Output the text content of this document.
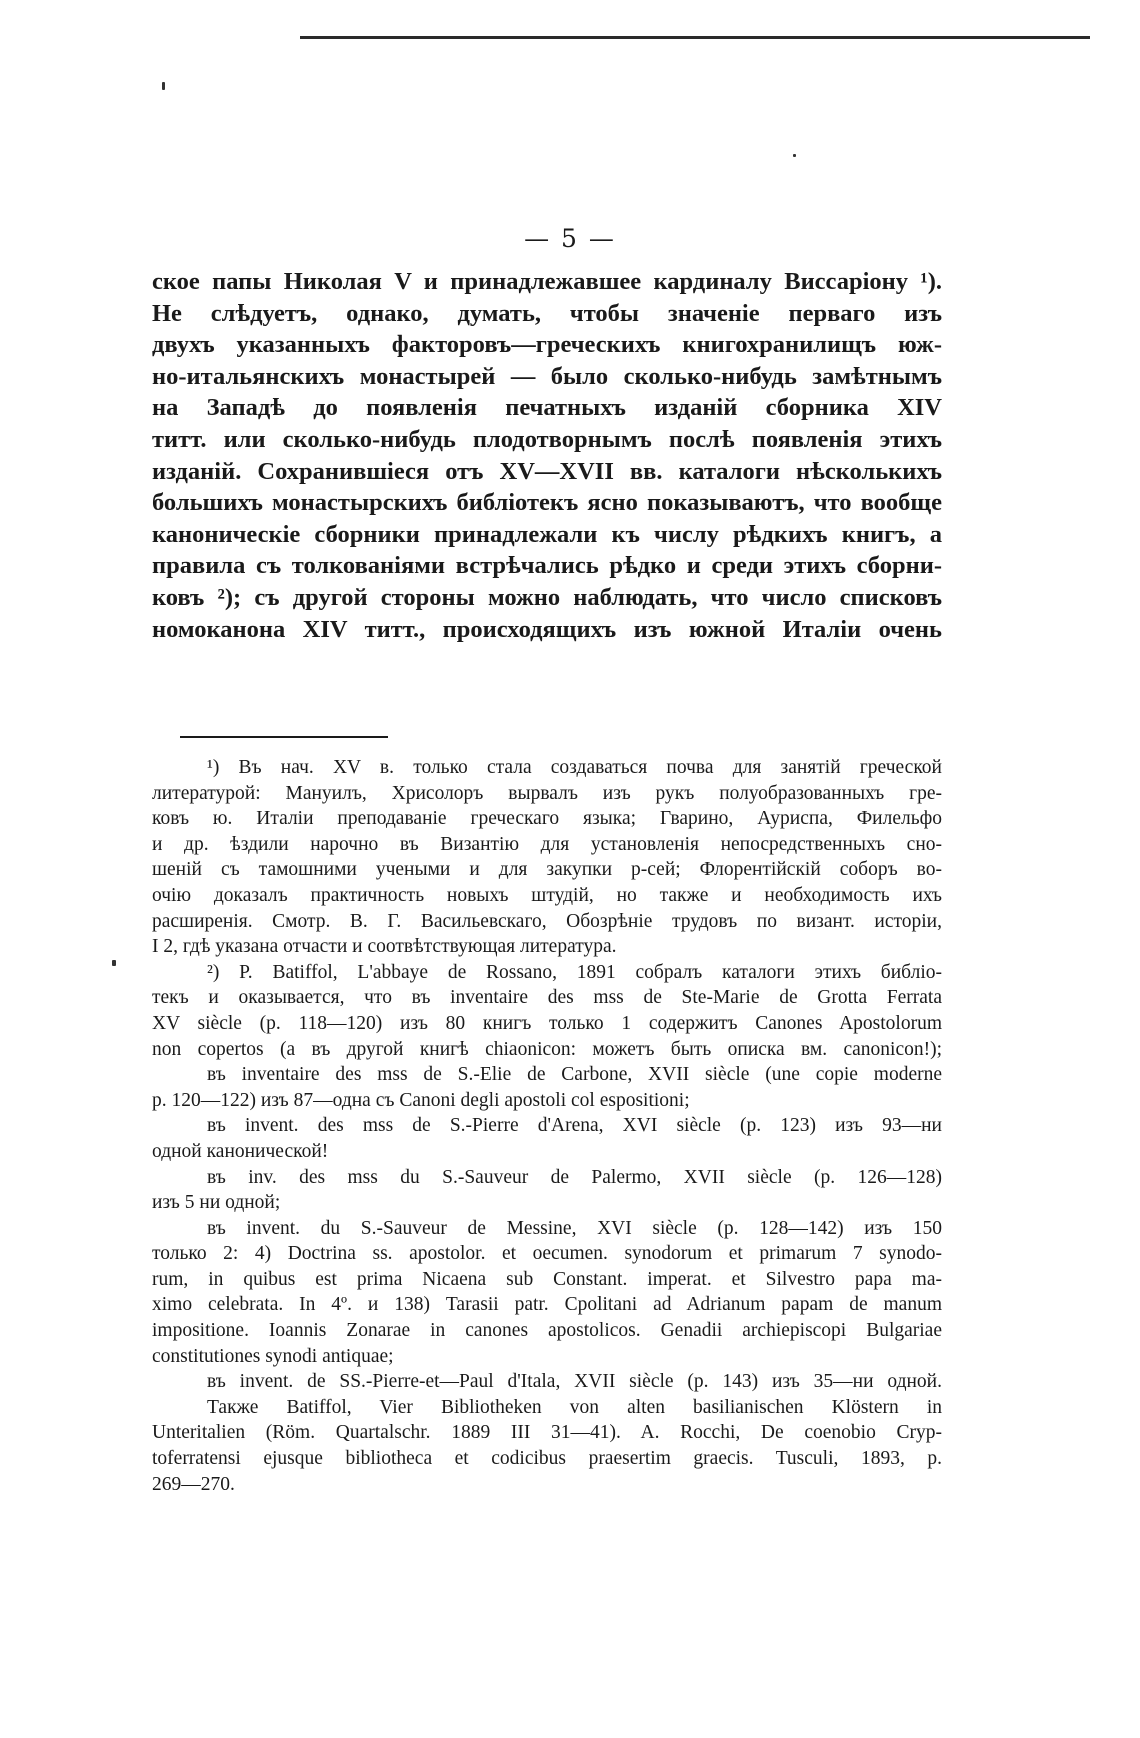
— 5 —
ское папы Николая V и принадлежавшее кардиналу Виссаріону ¹).
Не слѣдуетъ, однако, думать, чтобы значеніе перваго изъ
двухъ указанныхъ факторовъ—греческихъ книгохранилищъ юж-
но-итальянскихъ монастырей — было сколько-нибудь замѣтнымъ
на Западѣ до появленія печатныхъ изданій сборника XIV
титт. или сколько-нибудь плодотворнымъ послѣ появленія этихъ
изданій. Сохранившіеся отъ XV—XVII вв. каталоги нѣсколькихъ
большихъ монастырскихъ библіотекъ ясно показываютъ, что вообще
каноническіе сборники принадлежали къ числу рѣдкихъ книгъ, а
правила съ толкованіями встрѣчались рѣдко и среди этихъ сборни-
ковъ ²); съ другой стороны можно наблюдать, что число списковъ
номоканона XIV титт., происходящихъ изъ южной Италіи очень
¹) Въ нач. XV в. только стала создаваться почва для занятій греческой
литературой: Мануилъ, Хрисолоръ вырвалъ изъ рукъ полуобразованныхъ гре-
ковъ ю. Италіи преподаваніе греческаго языка; Гварино, Ауриспа, Филельфо
и др. ѣздили нарочно въ Византію для установленія непосредственныхъ сно-
шеній съ тамошними учеными и для закупки р-сей; Флорентійскій соборъ во-
очію доказалъ практичность новыхъ штудій, но также и необходимость ихъ
расширенія. Смотр. В. Г. Васильевскаго, Обозрѣніе трудовъ по визант. исторіи,
I 2, гдѣ указана отчасти и соотвѣтствующая литература.
²) P. Batiffol, L'abbaye de Rossano, 1891 собралъ каталоги этихъ библіо-
текъ и оказывается, что въ inventaire des mss de Ste-Marie de Grotta Ferrata
XV siècle (p. 118—120) изъ 80 книгъ только 1 содержитъ Canones Apostolorum
non copertos (а въ другой книгѣ chiaonicon: можетъ быть описка вм. canonicon!);
въ inventaire des mss de S.-Elie de Carbone, XVII siècle (une copie moderne
p. 120—122) изъ 87—одна съ Canoni degli apostoli col espositioni;
въ invent. des mss de S.-Pierre d'Arena, XVI siècle (p. 123) изъ 93—ни
одной канонической!
въ inv. des mss du S.-Sauveur de Palermo, XVII siècle (p. 126—128)
изъ 5 ни одной;
въ invent. du S.-Sauveur de Messine, XVI siècle (p. 128—142) изъ 150
только 2: 4) Doctrina ss. apostolor. et oecumen. synodorum et primarum 7 synodo-
rum, in quibus est prima Nicaena sub Constant. imperat. et Silvestro papa ma-
ximo celebrata. In 4º. и 138) Tarasii patr. Cpolitani ad Adrianum papam de manum
impositione. Ioannis Zonarae in canones apostolicos. Genadii archiepiscopi Bulgariae
constitutiones synodi antiquae;
въ invent. de SS.-Pierre-et—Paul d'Itala, XVII siècle (p. 143) изъ 35—ни одной.
Также Batiffol, Vier Bibliotheken von alten basilianischen Klöstern in
Unteritalien (Röm. Quartalschr. 1889 III 31—41). A. Rocchi, De coenobio Cryp-
toferratensi ejusque bibliotheca et codicibus praesertim graecis. Tusculi, 1893, p.
269—270.
